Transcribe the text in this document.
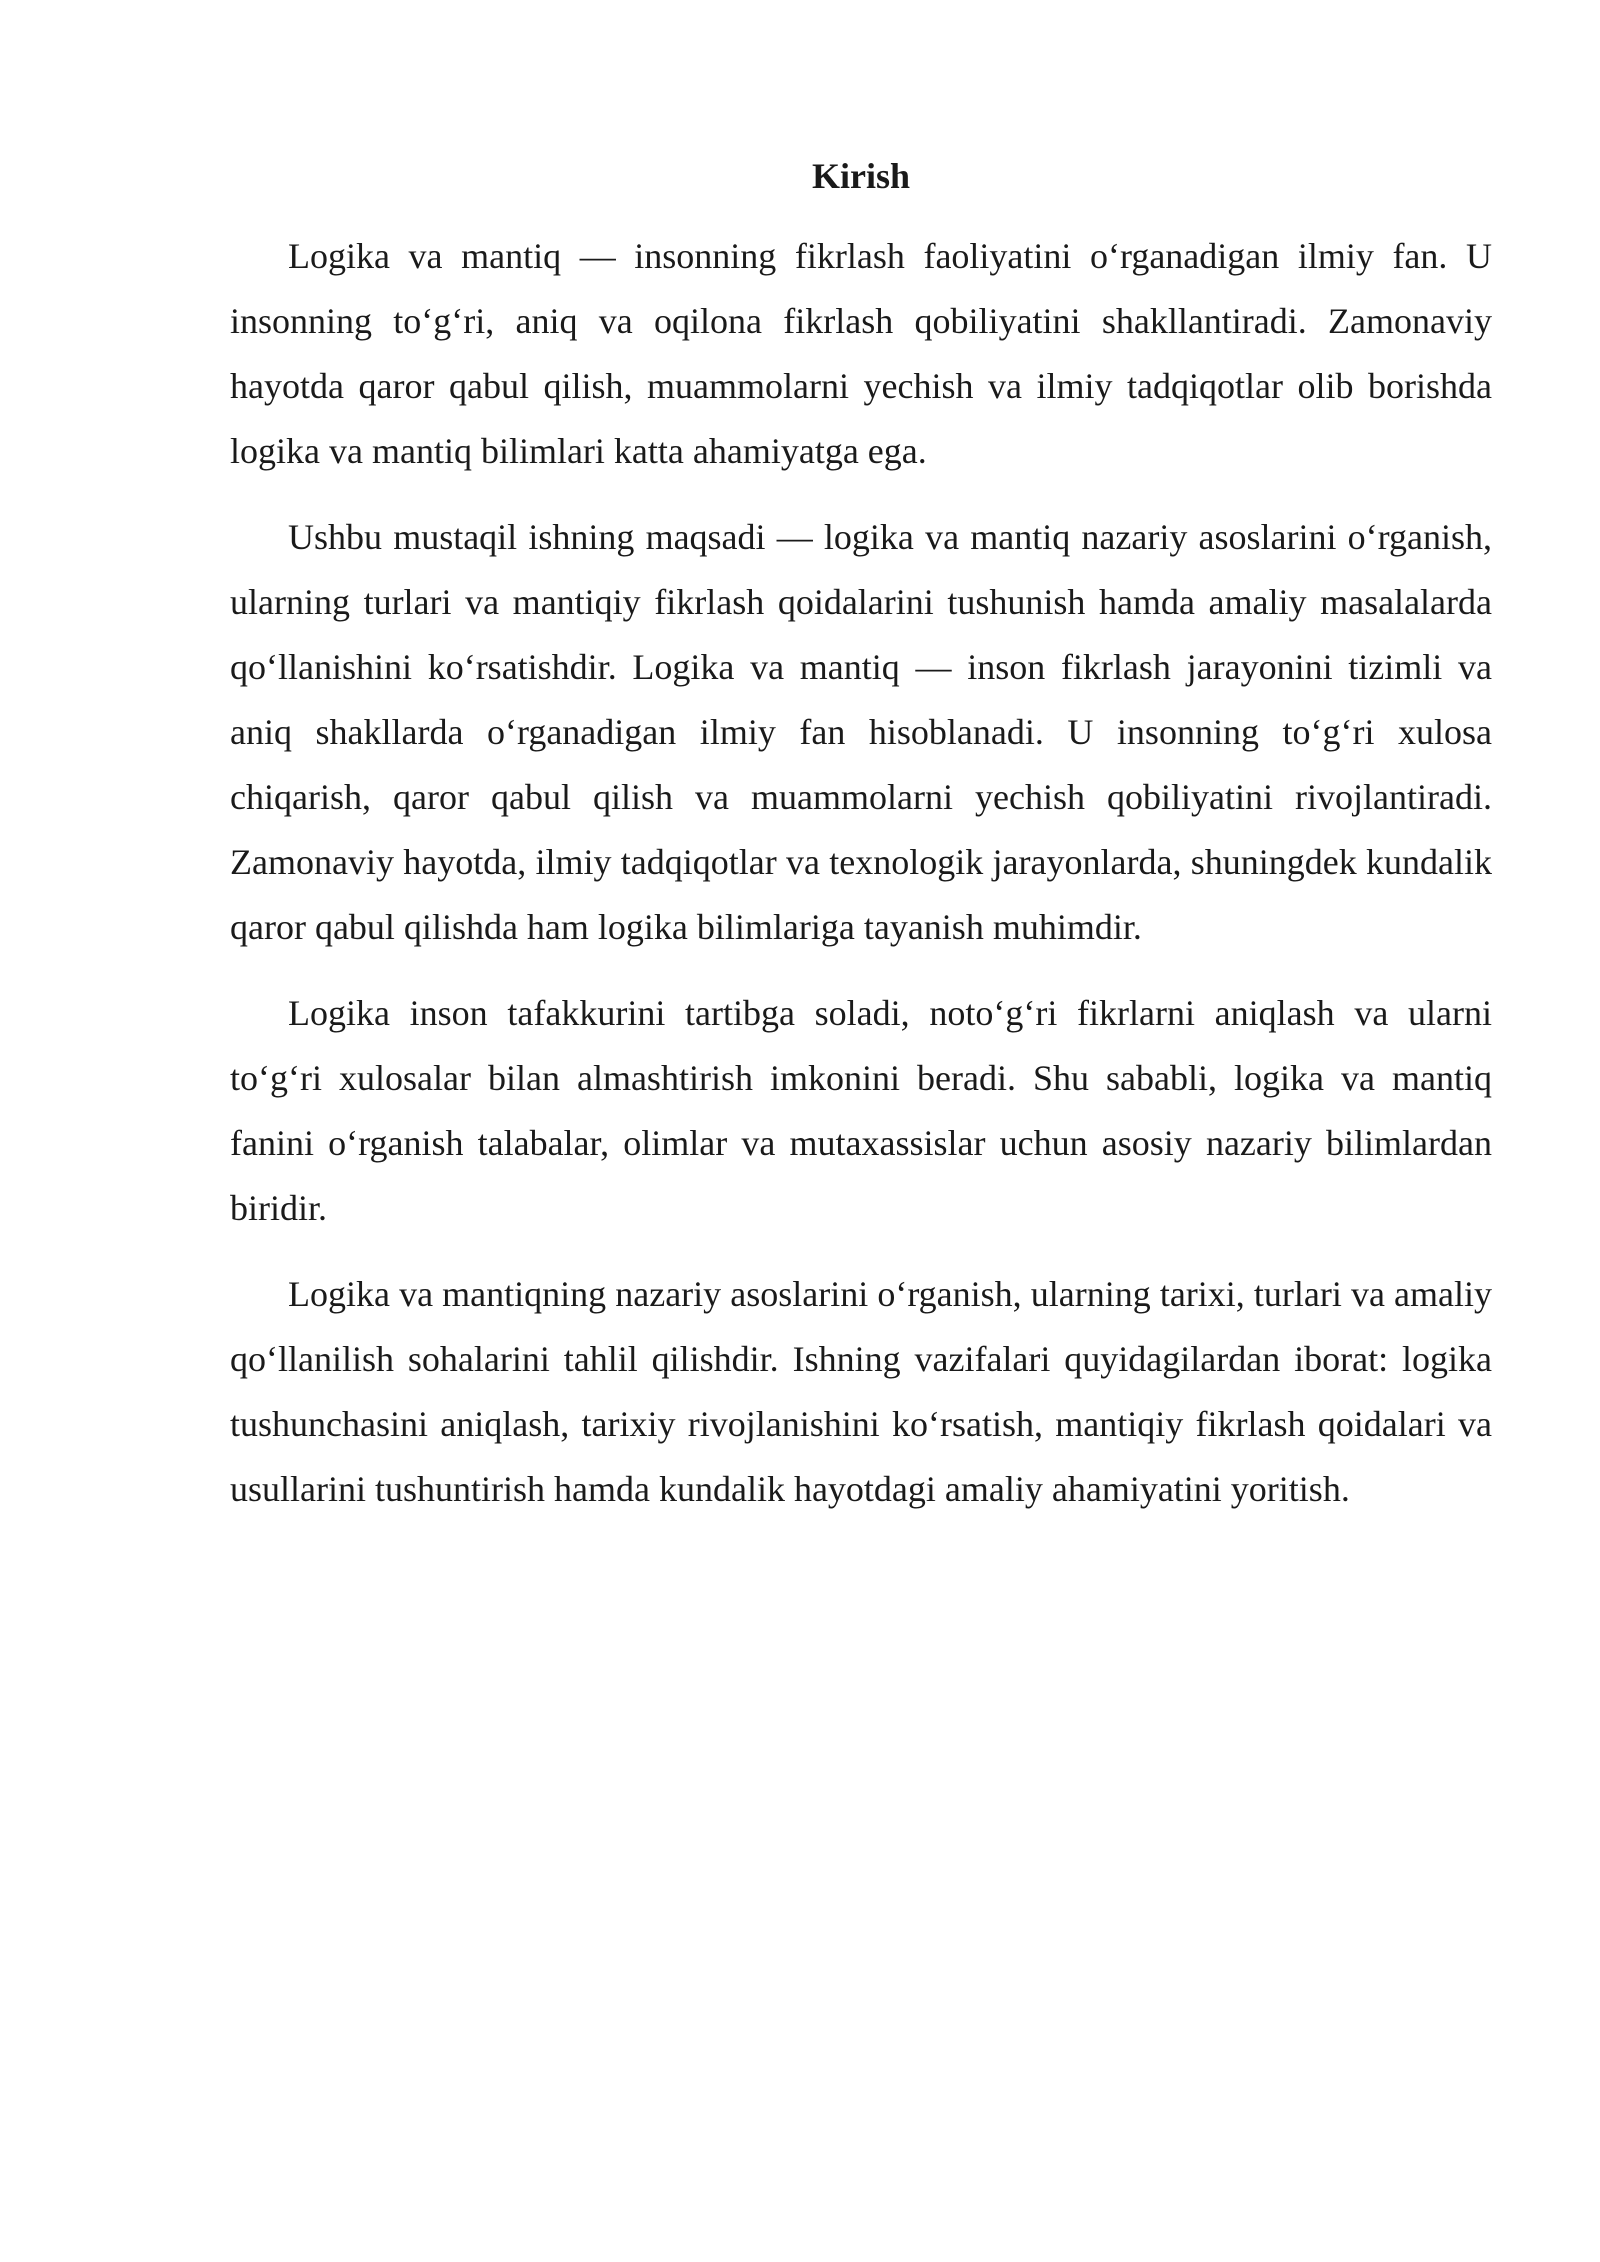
Kirish

Logika va mantiq — insonning fikrlash faoliyatini o‘rganadigan ilmiy fan. U insonning to‘g‘ri, aniq va oqilona fikrlash qobiliyatini shakllantiradi. Zamonaviy hayotda qaror qabul qilish, muammolarni yechish va ilmiy tadqiqotlar olib borishda logika va mantiq bilimlari katta ahamiyatga ega.

Ushbu mustaqil ishning maqsadi — logika va mantiq nazariy asoslarini o‘rganish, ularning turlari va mantiqiy fikrlash qoidalarini tushunish hamda amaliy masalalarda qo‘llanishini ko‘rsatishdir. Logika va mantiq — inson fikrlash jarayonini tizimli va aniq shakllarda o‘rganadigan ilmiy fan hisoblanadi. U insonning to‘g‘ri xulosa chiqarish, qaror qabul qilish va muammolarni yechish qobiliyatini rivojlantiradi. Zamonaviy hayotda, ilmiy tadqiqotlar va texnologik jarayonlarda, shuningdek kundalik qaror qabul qilishda ham logika bilimlariga tayanish muhimdir.

Logika inson tafakkurini tartibga soladi, noto‘g‘ri fikrlarni aniqlash va ularni to‘g‘ri xulosalar bilan almashtirish imkonini beradi. Shu sababli, logika va mantiq fanini o‘rganish talabalar, olimlar va mutaxassislar uchun asosiy nazariy bilimlardan biridir.

Logika va mantiqning nazariy asoslarini o‘rganish, ularning tarixi, turlari va amaliy qo‘llanilish sohalarini tahlil qilishdir. Ishning vazifalari quyidagilardan iborat: logika tushunchasini aniqlash, tarixiy rivojlanishini ko‘rsatish, mantiqiy fikrlash qoidalari va usullarini tushuntirish hamda kundalik hayotdagi amaliy ahamiyatini yoritish.
